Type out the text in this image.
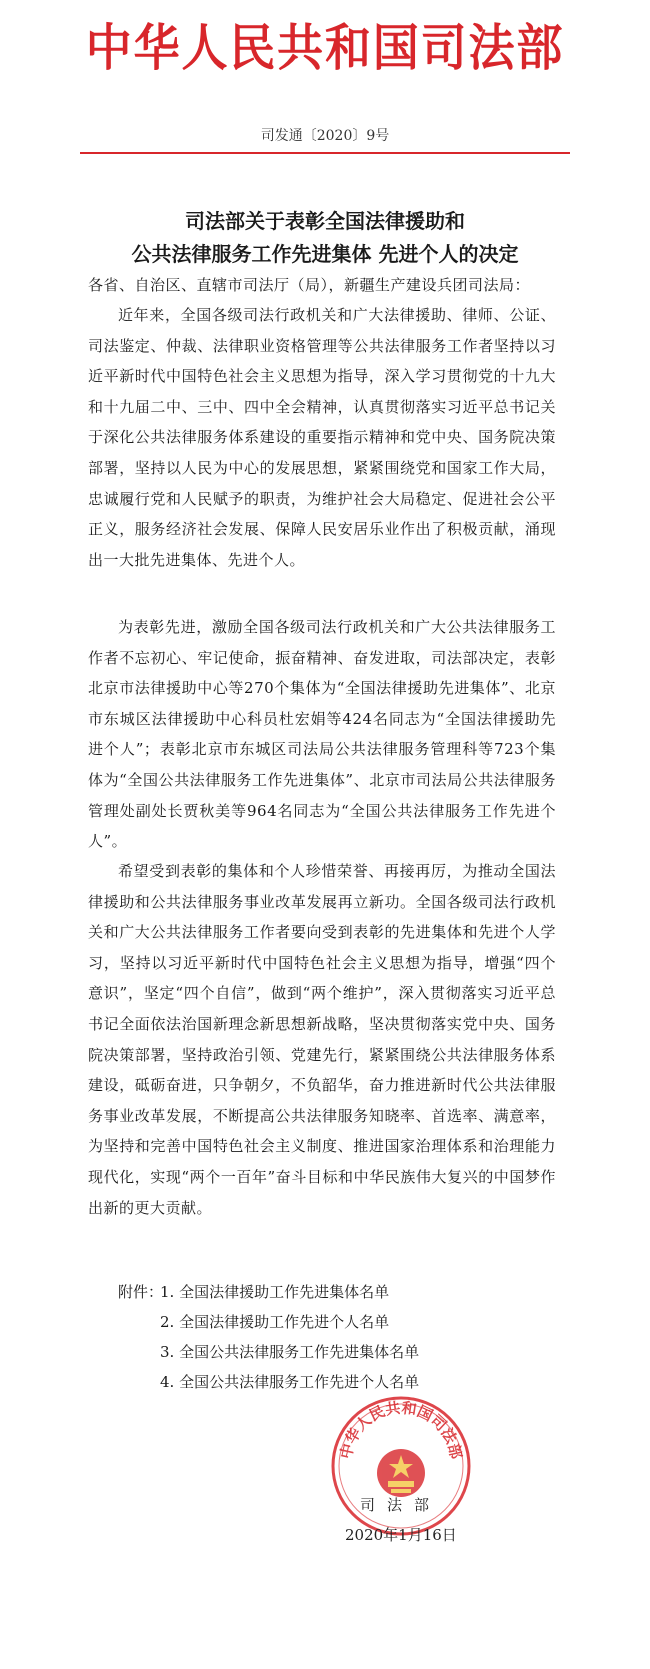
中华人民共和国司法部
司发通〔2020〕9号
司法部关于表彰全国法律援助和
公共法律服务工作先进集体 先进个人的决定
各省、自治区、直辖市司法厅（局），新疆生产建设兵团司法局：
近年来，全国各级司法行政机关和广大法律援助、律师、公证、司法鉴定、仲裁、法律职业资格管理等公共法律服务工作者坚持以习近平新时代中国特色社会主义思想为指导，深入学习贯彻党的十九大和十九届二中、三中、四中全会精神，认真贯彻落实习近平总书记关于深化公共法律服务体系建设的重要指示精神和党中央、国务院决策部署，坚持以人民为中心的发展思想，紧紧围绕党和国家工作大局，忠诚履行党和人民赋予的职责，为维护社会大局稳定、促进社会公平正义，服务经济社会发展、保障人民安居乐业作出了积极贡献，涌现出一大批先进集体、先进个人。
为表彰先进，激励全国各级司法行政机关和广大公共法律服务工作者不忘初心、牢记使命，振奋精神、奋发进取，司法部决定，表彰北京市法律援助中心等270个集体为“全国法律援助先进集体”、北京市东城区法律援助中心科员杜宏娟等424名同志为“全国法律援助先进个人”；表彰北京市东城区司法局公共法律服务管理科等723个集体为“全国公共法律服务工作先进集体”、北京市司法局公共法律服务管理处副处长贾秋美等964名同志为“全国公共法律服务工作先进个人”。
希望受到表彰的集体和个人珍惜荣誉、再接再厉，为推动全国法律援助和公共法律服务事业改革发展再立新功。全国各级司法行政机关和广大公共法律服务工作者要向受到表彰的先进集体和先进个人学习，坚持以习近平新时代中国特色社会主义思想为指导，增强“四个意识”，坚定“四个自信”，做到“两个维护”，深入贯彻落实习近平总书记全面依法治国新理念新思想新战略，坚决贯彻落实党中央、国务院决策部署，坚持政治引领、党建先行，紧紧围绕公共法律服务体系建设，砥砺奋进，只争朝夕，不负韶华，奋力推进新时代公共法律服务事业改革发展，不断提高公共法律服务知晓率、首选率、满意率，为坚持和完善中国特色社会主义制度、推进国家治理体系和治理能力现代化，实现“两个一百年”奋斗目标和中华民族伟大复兴的中国梦作出新的更大贡献。
附件：
1. 全国法律援助工作先进集体名单
2. 全国法律援助工作先进个人名单
3. 全国公共法律服务工作先进集体名单
4. 全国公共法律服务工作先进个人名单
中华人民共和国司法部
司法部
2020年1月16日
